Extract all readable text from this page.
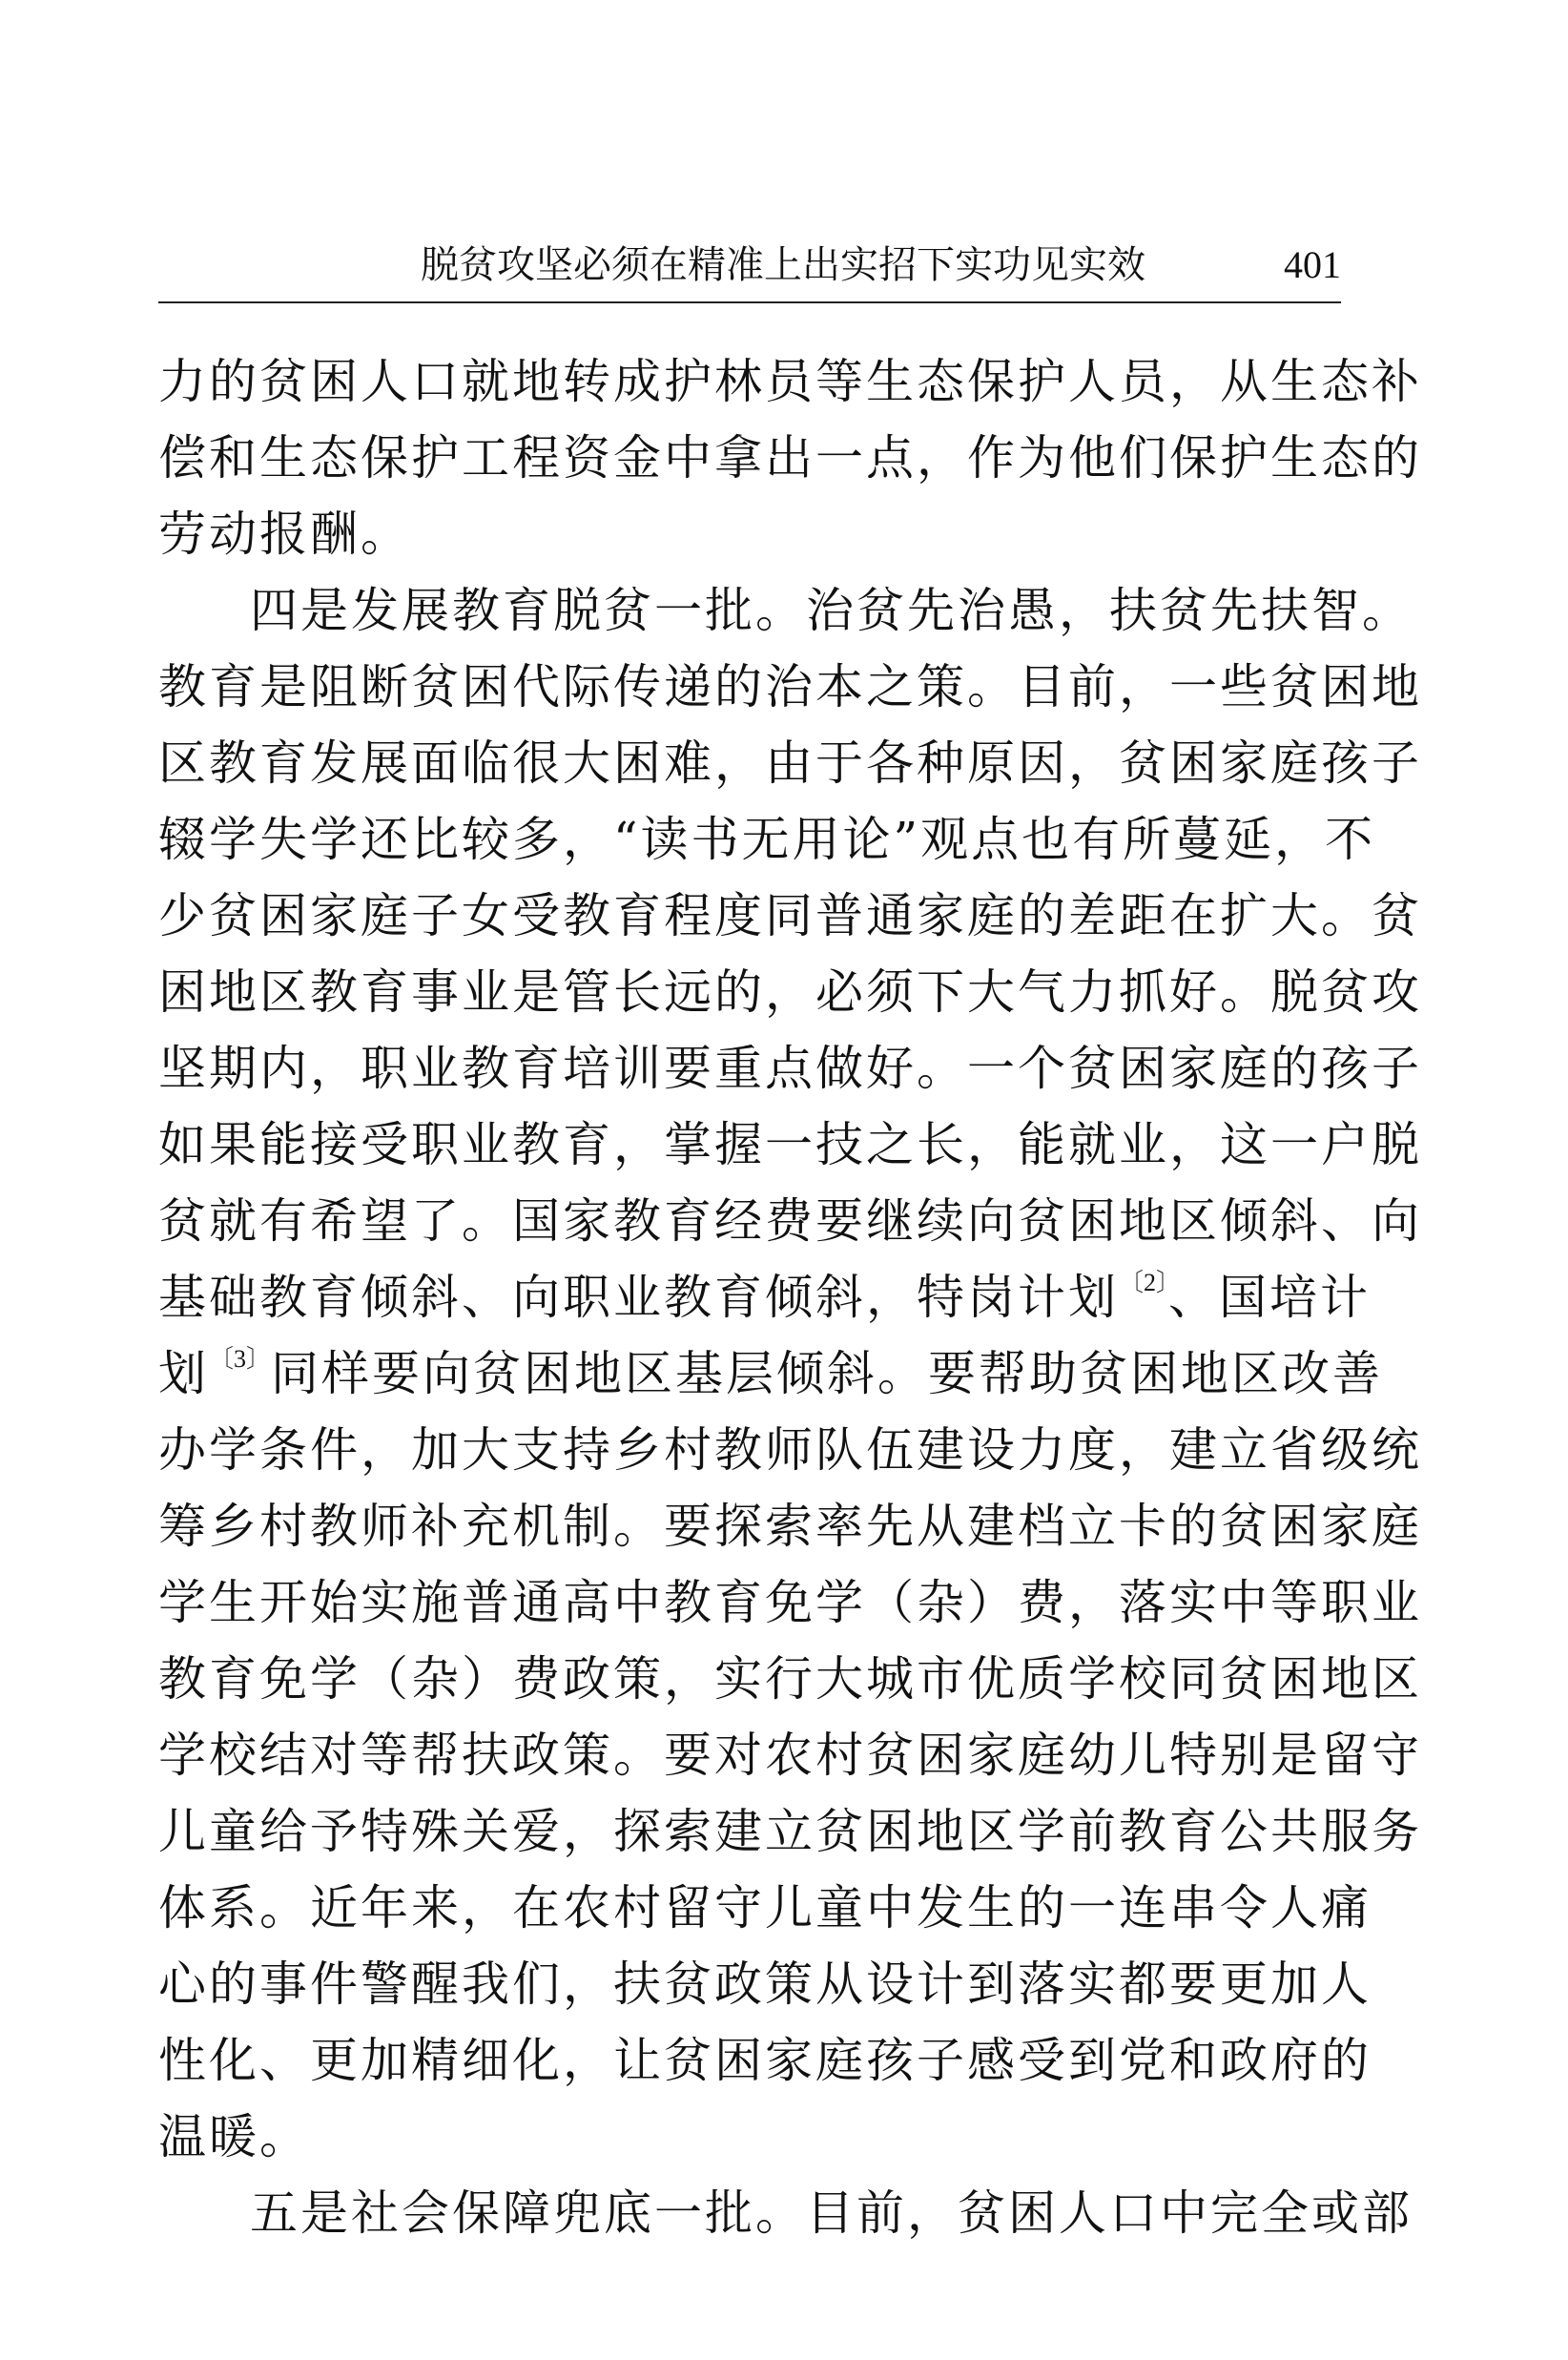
脱贫攻坚必须在精准上出实招下实功见实效	401
力的贫困人口就地转成护林员等生态保护人员，从生态补
偿和生态保护工程资金中拿出一点，作为他们保护生态的
劳动报酬。
四是发展教育脱贫一批。治贫先治愚，扶贫先扶智。
教育是阻断贫困代际传递的治本之策。目前，一些贫困地
区教育发展面临很大困难，由于各种原因，贫困家庭孩子
辍学失学还比较多，“读书无用论”观点也有所蔓延，不
少贫困家庭子女受教育程度同普通家庭的差距在扩大。贫
困地区教育事业是管长远的，必须下大气力抓好。脱贫攻
坚期内，职业教育培训要重点做好。一个贫困家庭的孩子
如果能接受职业教育，掌握一技之长，能就业，这一户脱
贫就有希望了。国家教育经费要继续向贫困地区倾斜、向
基础教育倾斜、向职业教育倾斜，特岗计划$^{〔2〕}$、国培计
划$^{〔3〕}$同样要向贫困地区基层倾斜。要帮助贫困地区改善
办学条件，加大支持乡村教师队伍建设力度，建立省级统
筹乡村教师补充机制。要探索率先从建档立卡的贫困家庭
学生开始实施普通高中教育免学（杂）费，落实中等职业
教育免学（杂）费政策，实行大城市优质学校同贫困地区
学校结对等帮扶政策。要对农村贫困家庭幼儿特别是留守
儿童给予特殊关爱，探索建立贫困地区学前教育公共服务
体系。近年来，在农村留守儿童中发生的一连串令人痛
心的事件警醒我们，扶贫政策从设计到落实都要更加人
性化、更加精细化，让贫困家庭孩子感受到党和政府的
温暖。
五是社会保障兜底一批。目前，贫困人口中完全或部
